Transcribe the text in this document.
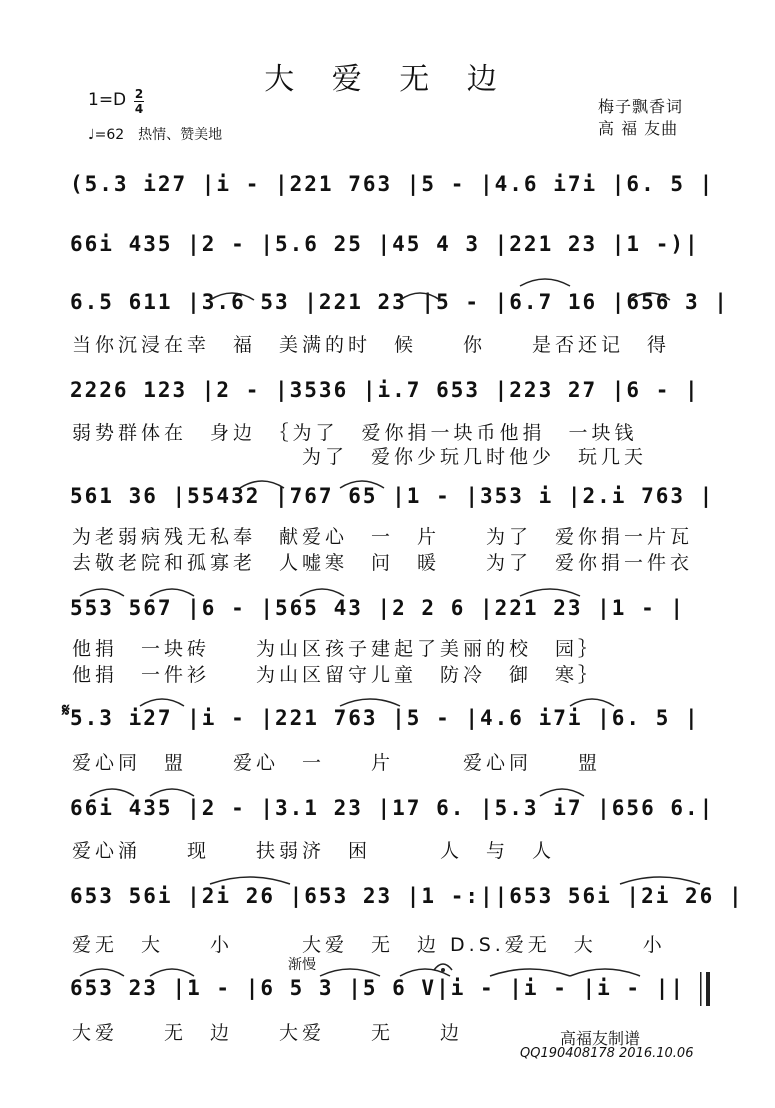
大 爱 无 边
1=D 2
4
♩=62　热情、赞美地
梅子飘香词
高 福 友曲
(5.3 i27 |i - |221 763 |5 - |4.6 i7i |6. 5 |
66i 435 |2 - |5.6 25 |45 4 3 |221 23 |1 -)|
6.5 611 |3.6 53 |221 23 |5 - |6.7 16 |656 3 |
2226 123 |2 - |3536 |i.7 653 |223 27 |6 - |
561 36 |55432 |767 65 |1 - |353 i |2.i 763 |
553 567 |6 - |565 43 |2 2 6 |221 23 |1 - |
5.3 i27 |i - |221 763 |5 - |4.6 i7i |6. 5 |
66i 435 |2 - |3.1 23 |17 6. |5.3 i7 |656 6.|
653 56i |2i 26 |653 23 |1 -:||653 56i |2i 26 |
653 23 |1 - |6 5 3 |5 6 V|i - |i - |i - ||
当你沉浸在幸　福　美满的时　候　　你　　是否还记　得
弱势群体在　身边　｛为了　爱你捐一块币他捐　一块钱
　　　　　　　　　　为了　爱你少玩几时他少　玩几天
为老弱病残无私奉　献爱心　一　片　　为了　爱你捐一片瓦
去敬老院和孤寡老　人嘘寒　问　暖　　为了　爱你捐一件衣
他捐　一块砖　　为山区孩子建起了美丽的校　园｝
他捐　一件衫　　为山区留守儿童　防冷　御　寒｝
爱心同　盟　　爱心　一　　片　　　爱心同　　盟
爱心涌　　现　　扶弱济　困　　　人　与　人
爱无　大　　小　　　大爱　无　边 D.S.爱无　大　　小
大爱　　无　边　　大爱　　无　　边
𝄋
渐慢
高福友制谱
QQ190408178 2016.10.06
